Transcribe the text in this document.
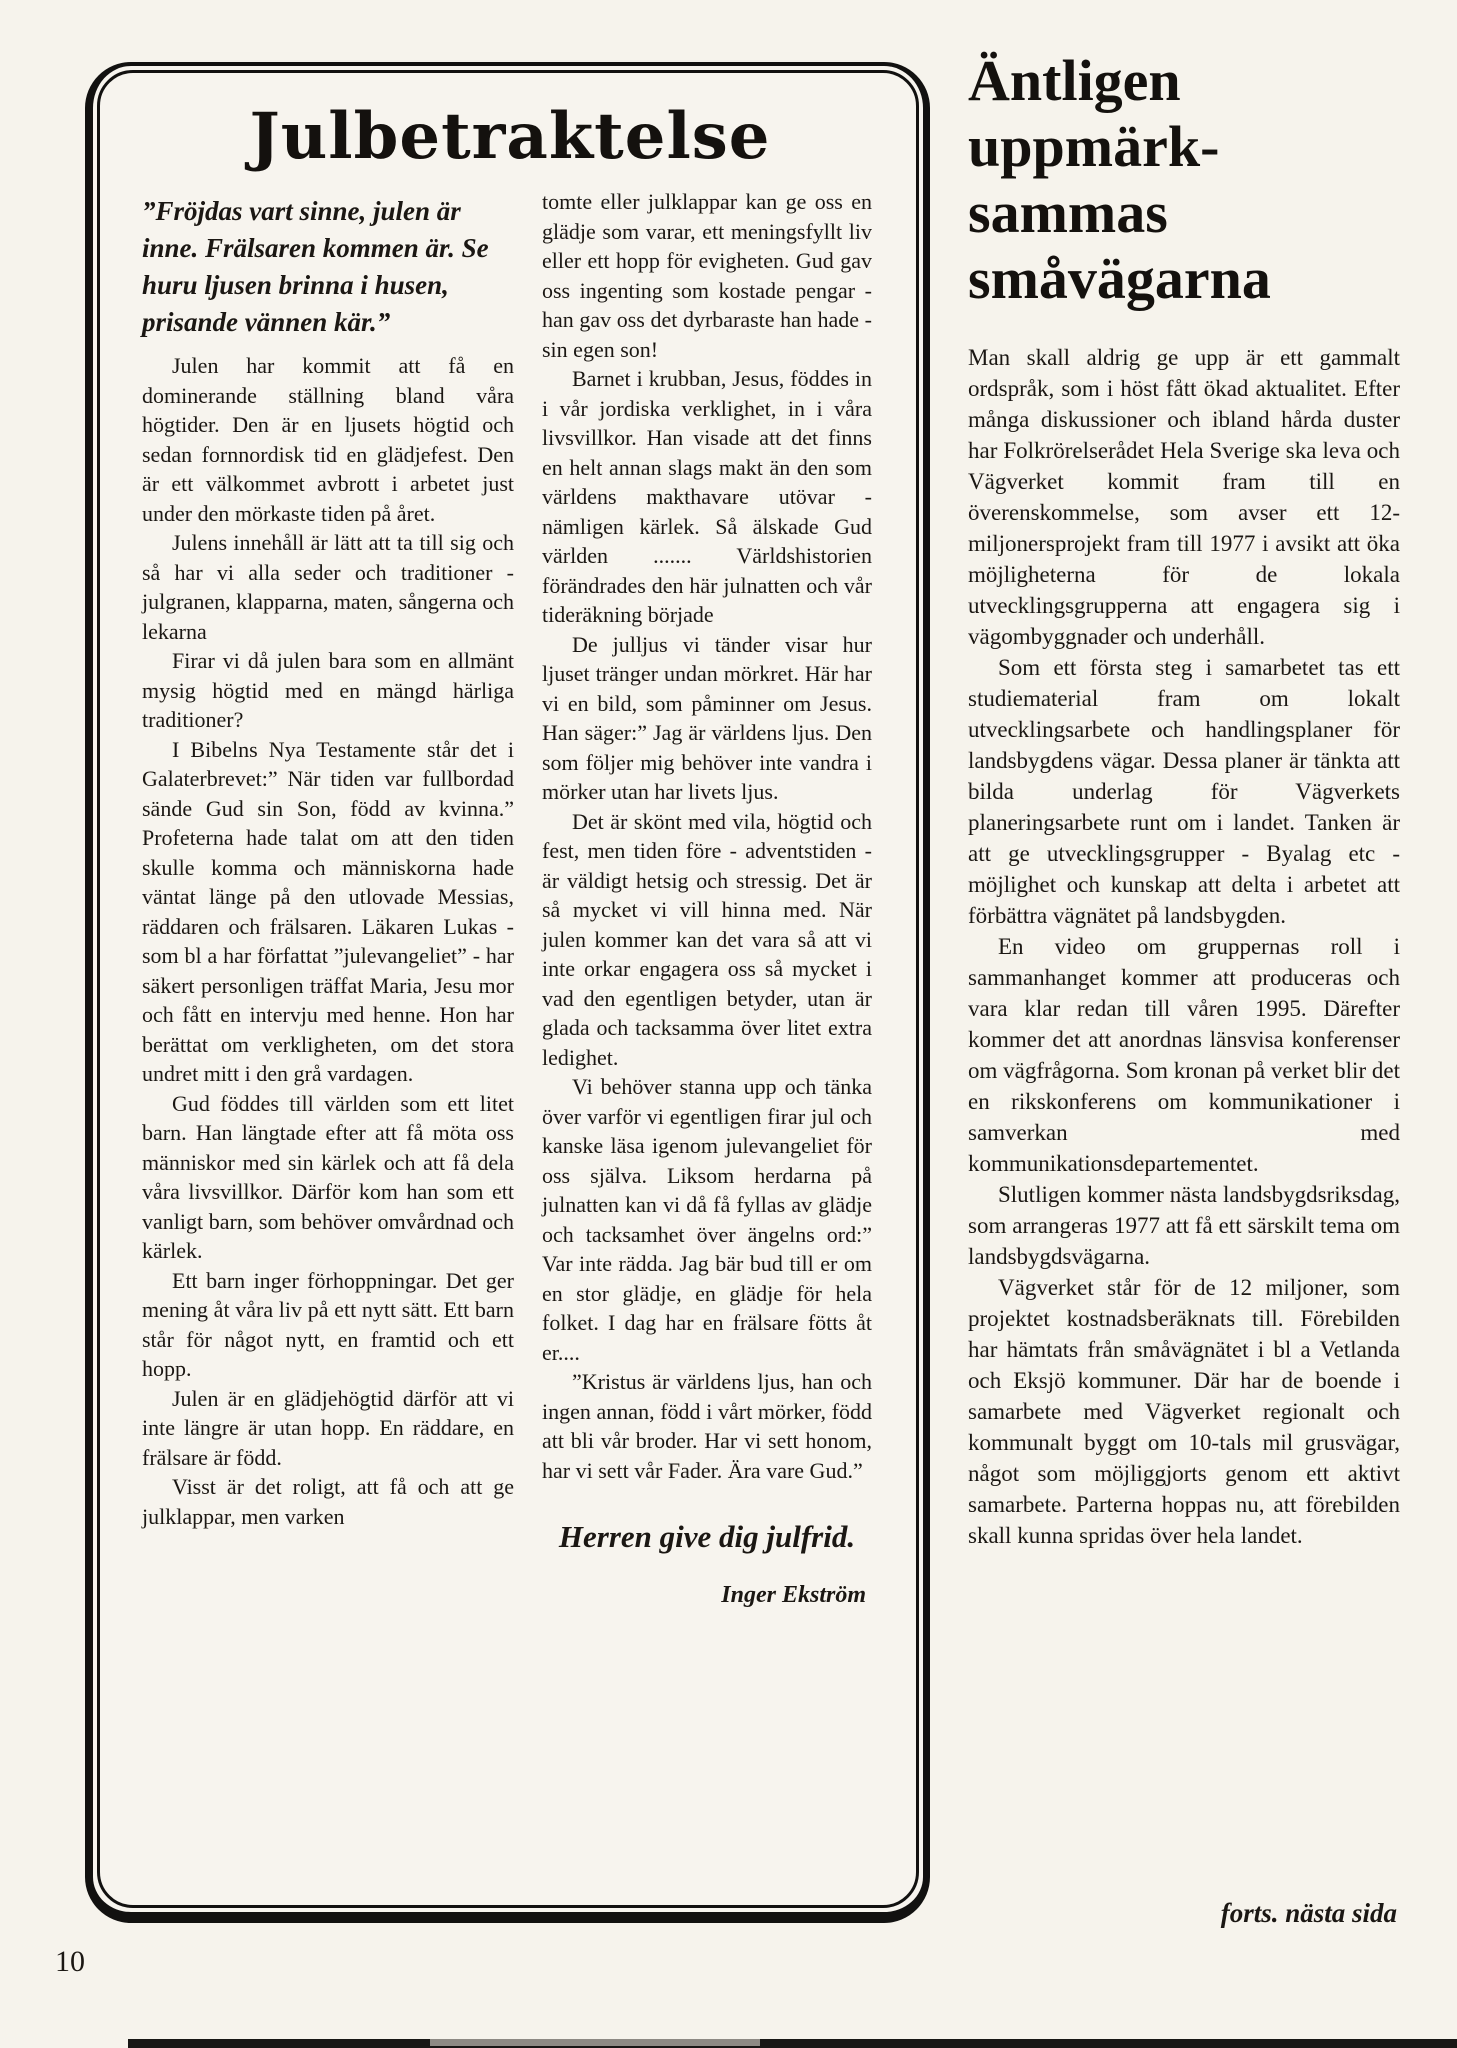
Julbetraktelse
”Fröjdas vart sinne, julen är inne. Frälsaren kommen är. Se huru ljusen brinna i husen, prisande vännen kär.”

Julen har kommit att få en dominerande ställning bland våra högtider. Den är en ljusets högtid och sedan fornnordisk tid en glädjefest. Den är ett välkommet avbrott i arbetet just under den mörkaste tiden på året.

Julens innehåll är lätt att ta till sig och så har vi alla seder och traditioner - julgranen, klapparna, maten, sångerna och lekarna

Firar vi då julen bara som en allmänt mysig högtid med en mängd härliga traditioner?

I Bibelns Nya Testamente står det i Galaterbrevet:” När tiden var fullbordad sände Gud sin Son, född av kvinna.” Profeterna hade talat om att den tiden skulle komma och människorna hade väntat länge på den utlovade Messias, räddaren och frälsaren. Läkaren Lukas - som bl a har författat ”julevangeliet” - har säkert personligen träffat Maria, Jesu mor och fått en intervju med henne. Hon har berättat om verkligheten, om det stora undret mitt i den grå vardagen.

Gud föddes till världen som ett litet barn. Han längtade efter att få möta oss människor med sin kärlek och att få dela våra livsvillkor. Därför kom han som ett vanligt barn, som behöver omvårdnad och kärlek.

Ett barn inger förhoppningar. Det ger mening åt våra liv på ett nytt sätt. Ett barn står för något nytt, en framtid och ett hopp.

Julen är en glädjehögtid därför att vi inte längre är utan hopp. En räddare, en frälsare är född.

Visst är det roligt, att få och att ge julklappar, men varken

tomte eller julklappar kan ge oss en glädje som varar, ett meningsfyllt liv eller ett hopp för evigheten. Gud gav oss ingenting som kostade pengar - han gav oss det dyrbaraste han hade - sin egen son!

Barnet i krubban, Jesus, föddes in i vår jordiska verklighet, in i våra livsvillkor. Han visade att det finns en helt annan slags makt än den som världens makthavare utövar - nämligen kärlek. Så älskade Gud världen ....... Världshistorien förändrades den här julnatten och vår tideräkning började

De julljus vi tänder visar hur ljuset tränger undan mörkret. Här har vi en bild, som påminner om Jesus. Han säger:” Jag är världens ljus. Den som följer mig behöver inte vandra i mörker utan har livets ljus.

Det är skönt med vila, högtid och fest, men tiden före - adventstiden - är väldigt hetsig och stressig. Det är så mycket vi vill hinna med. När julen kommer kan det vara så att vi inte orkar engagera oss så mycket i vad den egentligen betyder, utan är glada och tacksamma över litet extra ledighet.

Vi behöver stanna upp och tänka över varför vi egentligen firar jul och kanske läsa igenom julevangeliet för oss själva. Liksom herdarna på julnatten kan vi då få fyllas av glädje och tacksamhet över ängelns ord:” Var inte rädda. Jag bär bud till er om en stor glädje, en glädje för hela folket. I dag har en frälsare fötts åt er....

”Kristus är världens ljus, han och ingen annan, född i vårt mörker, född att bli vår broder. Har vi sett honom, har vi sett vår Fader. Ära vare Gud.”

Herren give dig julfrid.

Inger Ekström

Äntligen
uppmärk-
sammas
småvägarna

Man skall aldrig ge upp är ett gammalt ordspråk, som i höst fått ökad aktualitet. Efter många diskussioner och ibland hårda duster har Folkrörelserådet Hela Sverige ska leva och Vägverket kommit fram till en överenskommelse, som avser ett 12-miljonersprojekt fram till 1977 i avsikt att öka möjligheterna för de lokala utvecklingsgrupperna att engagera sig i vägombyggnader och underhåll.

Som ett första steg i samarbetet tas ett studiematerial fram om lokalt utvecklingsarbete och handlingsplaner för landsbygdens vägar. Dessa planer är tänkta att bilda underlag för Vägverkets planeringsarbete runt om i landet. Tanken är att ge utvecklingsgrupper - Byalag etc - möjlighet och kunskap att delta i arbetet att förbättra vägnätet på landsbygden.

En video om gruppernas roll i sammanhanget kommer att produceras och vara klar redan till våren 1995. Därefter kommer det att anordnas länsvisa konferenser om vägfrågorna. Som kronan på verket blir det en rikskonferens om kommunikationer i samverkan med kommunikationsdepartementet.

Slutligen kommer nästa landsbygdsriksdag, som arrangeras 1977 att få ett särskilt tema om landsbygdsvägarna.

Vägverket står för de 12 miljoner, som projektet kostnadsberäknats till. Förebilden har hämtats från småvägnätet i bl a Vetlanda och Eksjö kommuner. Där har de boende i samarbete med Vägverket regionalt och kommunalt byggt om 10-tals mil grusvägar, något som möjliggjorts genom ett aktivt samarbete. Parterna hoppas nu, att förebilden skall kunna spridas över hela landet.

forts. nästa sida
10
